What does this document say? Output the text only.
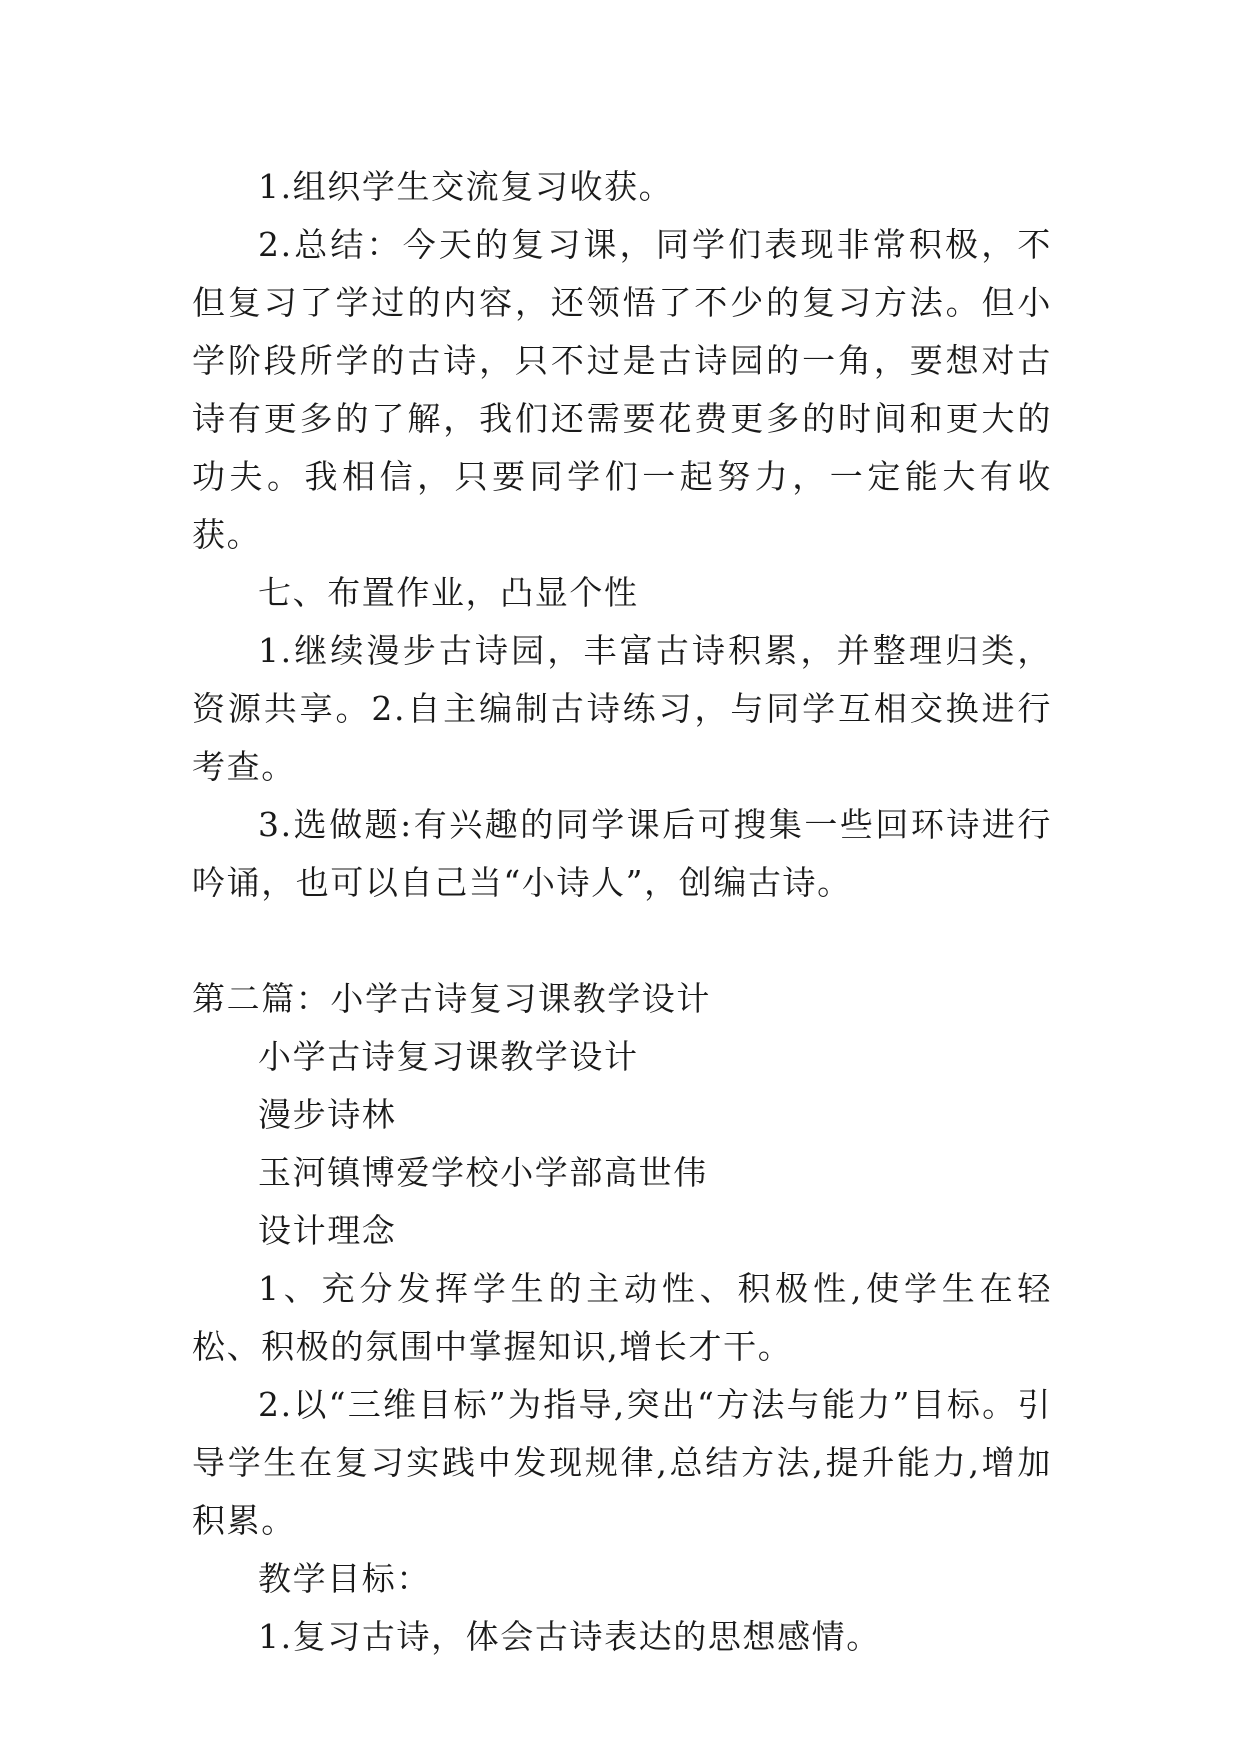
1.组织学生交流复习收获。

2.总结：今天的复习课，同学们表现非常积极，不但复习了学过的内容，还领悟了不少的复习方法。但小学阶段所学的古诗，只不过是古诗园的一角，要想对古诗有更多的了解，我们还需要花费更多的时间和更大的功夫。我相信，只要同学们一起努力，一定能大有收获。

七、布置作业，凸显个性

1.继续漫步古诗园，丰富古诗积累，并整理归类，资源共享。2.自主编制古诗练习，与同学互相交换进行考查。

3.选做题:有兴趣的同学课后可搜集一些回环诗进行吟诵，也可以自己当“小诗人”，创编古诗。

第二篇：小学古诗复习课教学设计

小学古诗复习课教学设计

漫步诗林

玉河镇博爱学校小学部高世伟

设计理念

1、充分发挥学生的主动性、积极性,使学生在轻松、积极的氛围中掌握知识,增长才干。

2.以“三维目标”为指导,突出“方法与能力”目标。引导学生在复习实践中发现规律,总结方法,提升能力,增加积累。

教学目标：

1.复习古诗，体会古诗表达的思想感情。
